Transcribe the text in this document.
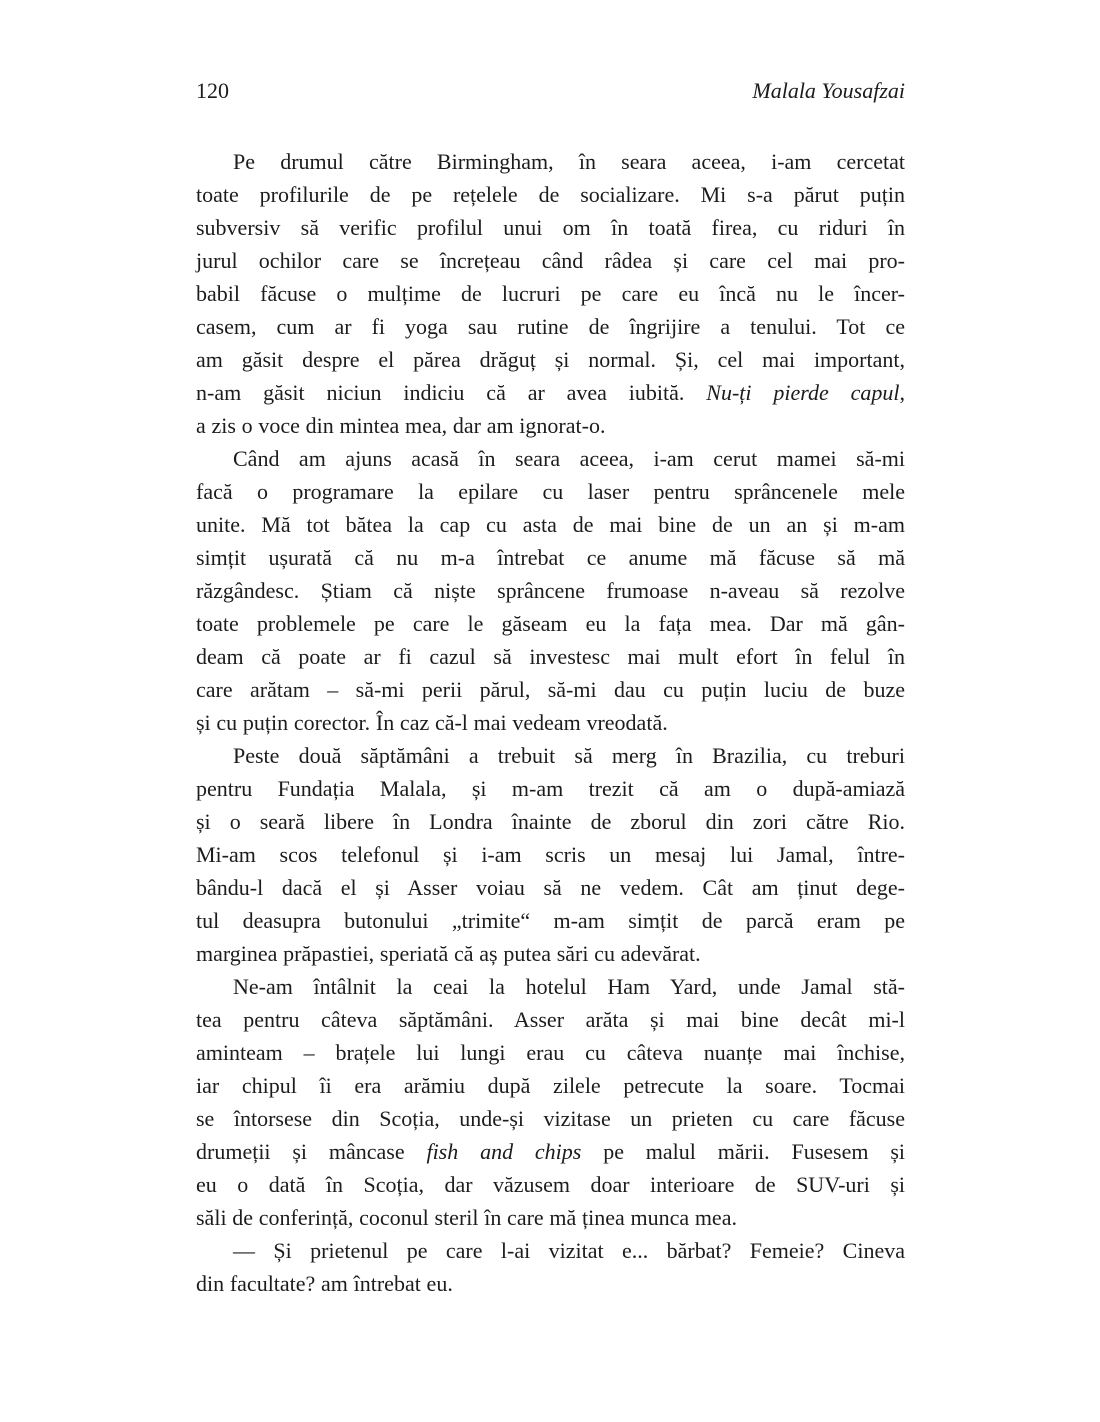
120	Malala Yousafzai
Pe drumul către Birmingham, în seara aceea, i-am cercetat
toate profilurile de pe rețelele de socializare. Mi s-a părut puțin
subversiv să verific profilul unui om în toată firea, cu riduri în
jurul ochilor care se încrețeau când râdea și care cel mai pro-
babil făcuse o mulțime de lucruri pe care eu încă nu le încer-
casem, cum ar fi yoga sau rutine de îngrijire a tenului. Tot ce
am găsit despre el părea drăguț și normal. Și, cel mai important,
n-am găsit niciun indiciu că ar avea iubită. Nu-ți pierde capul,
a zis o voce din mintea mea, dar am ignorat-o.
Când am ajuns acasă în seara aceea, i-am cerut mamei să-mi
facă o programare la epilare cu laser pentru sprâncenele mele
unite. Mă tot bătea la cap cu asta de mai bine de un an și m-am
simțit ușurată că nu m-a întrebat ce anume mă făcuse să mă
răzgândesc. Știam că niște sprâncene frumoase n-aveau să rezolve
toate problemele pe care le găseam eu la fața mea. Dar mă gân-
deam că poate ar fi cazul să investesc mai mult efort în felul în
care arătam – să-mi perii părul, să-mi dau cu puțin luciu de buze
și cu puțin corector. În caz că-l mai vedeam vreodată.
Peste două săptămâni a trebuit să merg în Brazilia, cu treburi
pentru Fundația Malala, și m-am trezit că am o după-amiază
și o seară libere în Londra înainte de zborul din zori către Rio.
Mi-am scos telefonul și i-am scris un mesaj lui Jamal, între-
bându-l dacă el și Asser voiau să ne vedem. Cât am ținut dege-
tul deasupra butonului „trimite“ m-am simțit de parcă eram pe
marginea prăpastiei, speriată că aș putea sări cu adevărat.
Ne-am întâlnit la ceai la hotelul Ham Yard, unde Jamal stă-
tea pentru câteva săptămâni. Asser arăta și mai bine decât mi-l
aminteam – brațele lui lungi erau cu câteva nuanțe mai închise,
iar chipul îi era arămiu după zilele petrecute la soare. Tocmai
se întorsese din Scoția, unde-și vizitase un prieten cu care făcuse
drumeții și mâncase fish and chips pe malul mării. Fusesem și
eu o dată în Scoția, dar văzusem doar interioare de SUV-uri și
săli de conferință, coconul steril în care mă ținea munca mea.
— Și prietenul pe care l-ai vizitat e... bărbat? Femeie? Cineva
din facultate? am întrebat eu.
